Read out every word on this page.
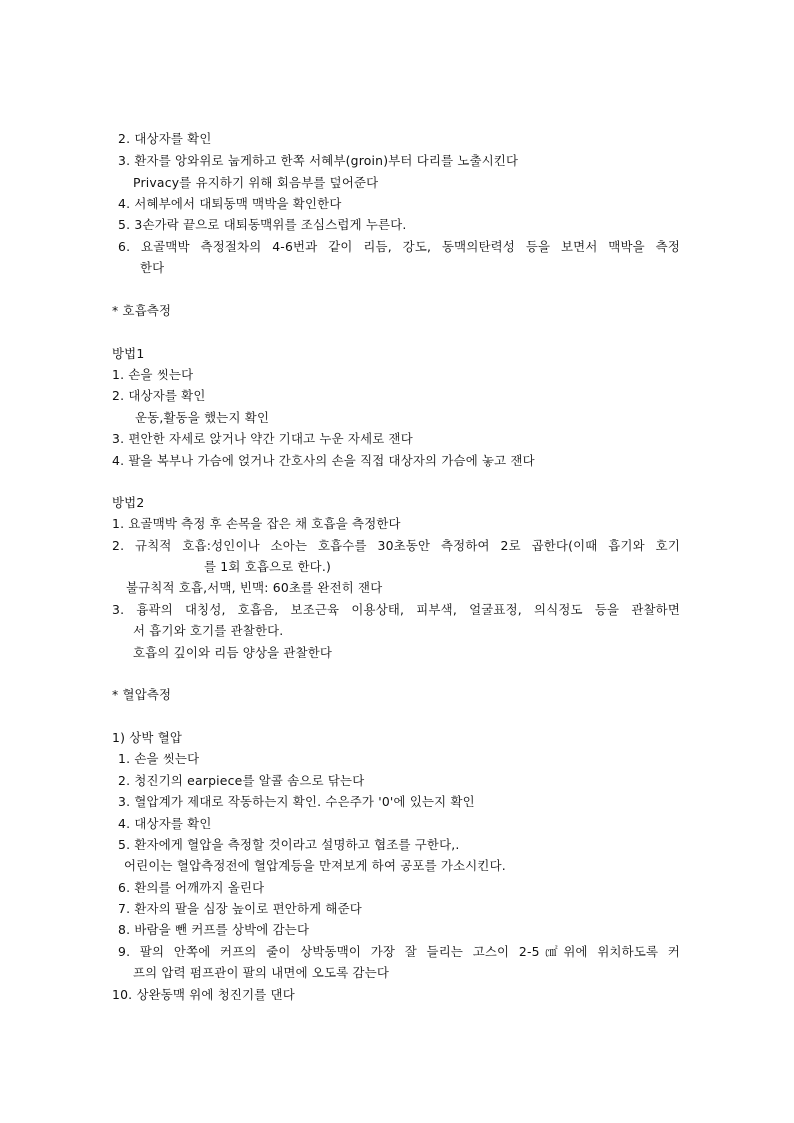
2. 대상자를 확인
3. 환자를 앙와위로 눕게하고 한쪽 서혜부(groin)부터 다리를 노출시킨다
Privacy를 유지하기 위해 회음부를 덮어준다
4. 서혜부에서 대퇴동맥 맥박을 확인한다
5. 3손가락 끝으로 대퇴동맥위를 조심스럽게 누른다.
6. 요골맥박 측정절차의 4-6번과 같이 리듬, 강도, 동맥의탄력성 등을 보면서 맥박을 측정
한다
* 호흡측정
방법1
1. 손을 씻는다
2. 대상자를 확인
운동,활동을 했는지 확인
3. 편안한 자세로 앉거나 약간 기대고 누운 자세로 잰다
4. 팔을 복부나 가슴에 얹거나 간호사의 손을 직접 대상자의 가슴에 놓고 잰다
방법2
1. 요골맥박 측정 후 손목을 잡은 채 호흡을 측정한다
2. 규칙적 호흡:성인이나 소아는 호흡수를 30초동안 측정하여 2로 곱한다(이때 흡기와 호기
를 1회 호흡으로 한다.)
불규칙적 호흡,서맥, 빈맥: 60초를 완전히 잰다
3. 흉곽의 대칭성, 호흡음, 보조근육 이용상태, 피부색, 얼굴표정, 의식정도 등을 관찰하면
서 흡기와 호기를 관찰한다.
호흡의 깊이와 리듬 양상을 관찰한다
* 혈압측정
1) 상박 혈압
1. 손을 씻는다
2. 청진기의 earpiece를 알콜 솜으로 닦는다
3. 혈압계가 제대로 작동하는지 확인. 수은주가 '0'에 있는지 확인
4. 대상자를 확인
5. 환자에게 혈압을 측정할 것이라고 설명하고 협조를 구한다,.
어린이는 혈압측정전에 혈압계등을 만져보게 하여 공포를 가소시킨다.
6. 환의를 어깨까지 올린다
7. 환자의 팔을 심장 높이로 편안하게 해준다
8. 바람을 뺀 커프를 상박에 감는다
9. 팔의 안쪽에 커프의 줄이 상박동맥이 가장 잘 들리는 고스이 2-5㎠위에 위치하도록 커
프의 압력 펌프관이 팔의 내면에 오도록 감는다
10. 상완동맥 위에 청진기를 댄다
